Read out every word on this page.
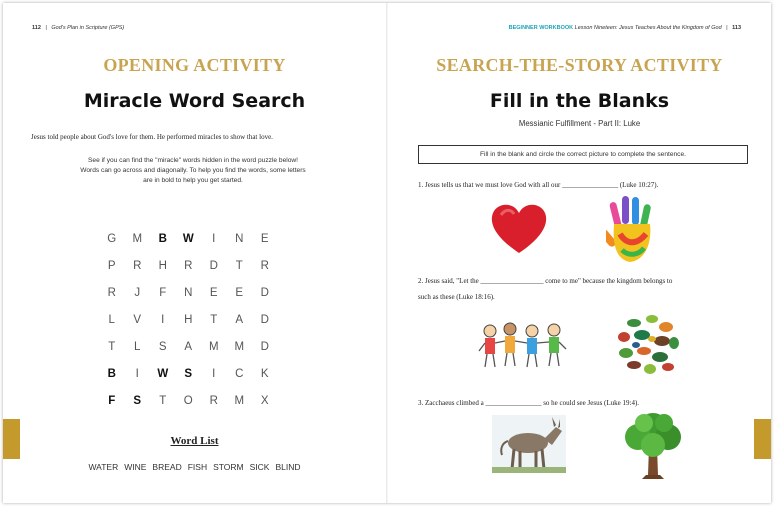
112 | God's Plan in Scripture (GPS)
OPENING ACTIVITY
Miracle Word Search
Jesus told people about God's love for them. He performed miracles to show that love.
See if you can find the "miracle" words hidden in the word puzzle below!
Words can go across and diagonally. To help you find the words, some letters
are in bold to help you get started.
G	M	B	W	I	N	E
P	R	H	R	D	T	R
R	J	F	N	E	E	D
L	V	I	H	T	A	D
T	L	S	A	M	M	D
B	I	W	S	I	C	K
F	S	T	O	R	M	X
Word List
WATER WINE BREAD FISH STORM SICK BLIND
BEGINNER WORKBOOK Lesson Nineteen: Jesus Teaches About the Kingdom of God | 113
SEARCH-THE-STORY ACTIVITY
Fill in the Blanks
Messianic Fulfillment - Part II: Luke
Fill in the blank and circle the correct picture to complete the sentence.
1. Jesus tells us that we must love God with all our ________________ (Luke 10:27).
2. Jesus said, "Let the __________________ come to me" because the kingdom belongs to
such as these (Luke 18:16).
3. Zacchaeus climbed a ________________ so he could see Jesus (Luke 19:4).
